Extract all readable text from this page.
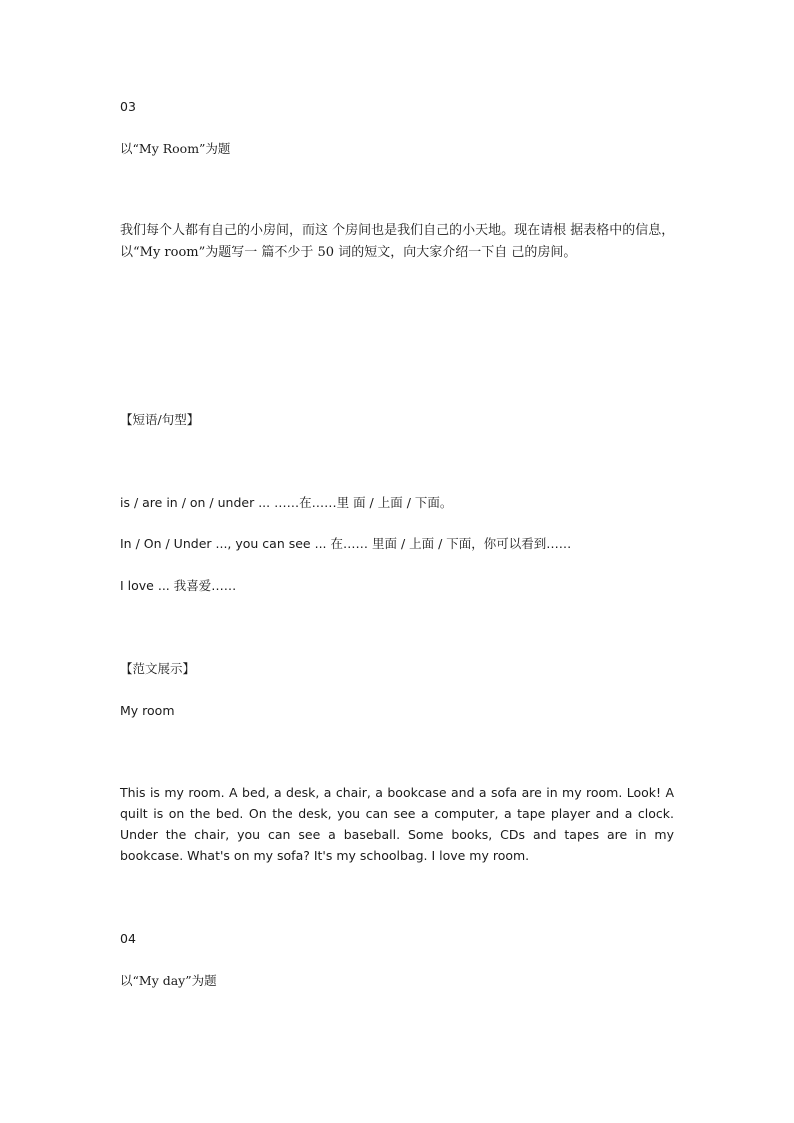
03
以“My Room”为题
我们每个人都有自己的小房间，而这 个房间也是我们自己的小天地。现在请根 据表格中的信息，以“My room”为题写一 篇不少于 50 词的短文，向大家介绍一下自 己的房间。
【短语/句型】
is / are in / on / under ... ……在……里 面 / 上面 / 下面。
In / On / Under ..., you can see ... 在…… 里面 / 上面 / 下面，你可以看到……
I love ... 我喜爱……
【范文展示】
My room
This is my room. A bed, a desk, a chair, a bookcase and a sofa are in my room. Look! A quilt is on the bed. On the desk, you can see a computer, a tape player and a clock. Under the chair, you can see a baseball. Some books, CDs and tapes are in my bookcase. What's on my sofa? It's my schoolbag. I love my room.
04
以“My day”为题
